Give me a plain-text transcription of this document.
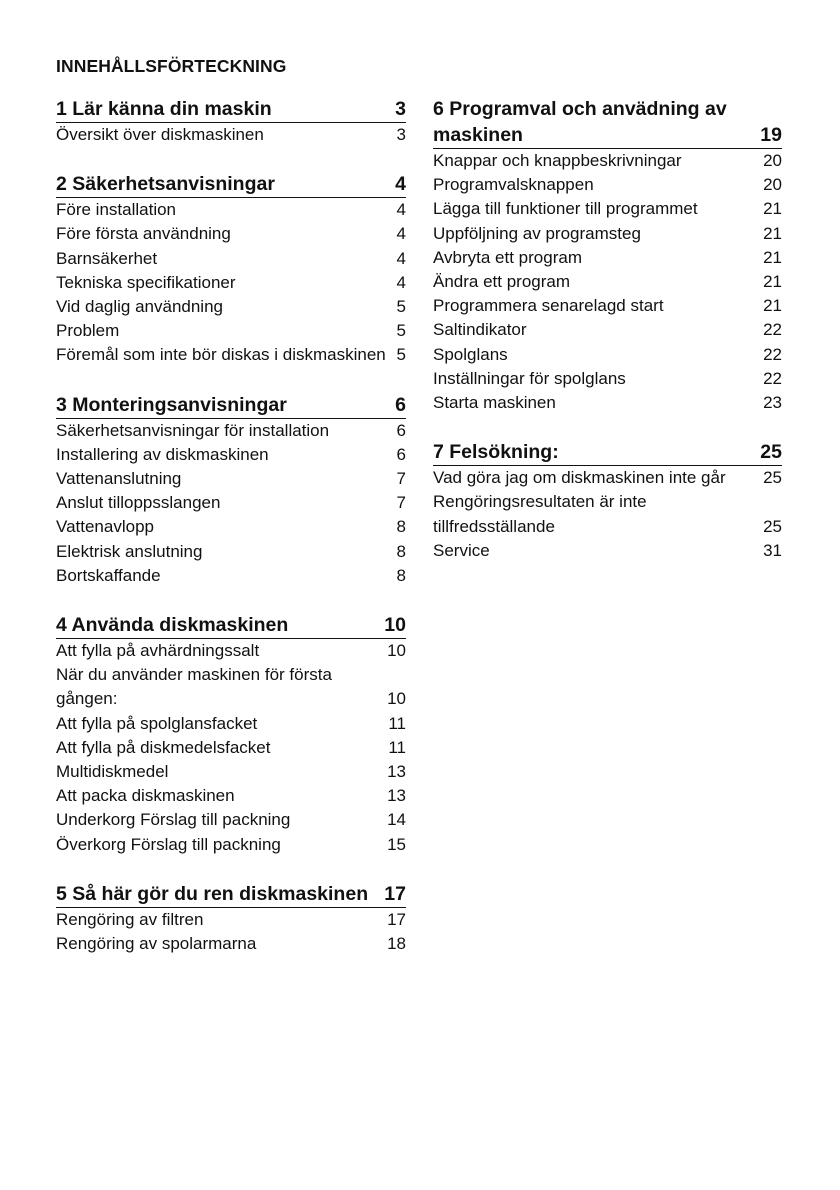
INNEHÅLLSFÖRTECKNING
1 Lär känna din maskin	3
Översikt över diskmaskinen	3
2 Säkerhetsanvisningar	4
Före installation	4
Före första användning	4
Barnsäkerhet	4
Tekniska specifikationer	4
Vid daglig användning	5
Problem	5
Föremål som inte bör diskas i diskmaskinen 5
3 Monteringsanvisningar	6
Säkerhetsanvisningar för installation	6
Installering av diskmaskinen	6
Vattenanslutning	7
Anslut tilloppsslangen	7
Vattenavlopp	8
Elektrisk anslutning	8
Bortskaffande	8
4 Använda diskmaskinen	10
Att fylla på avhärdningssalt	10
När du använder maskinen för första gången:	10
Att fylla på spolglansfacket	11
Att fylla på diskmedelsfacket	11
Multidiskmedel	13
Att packa diskmaskinen	13
Underkorg Förslag till packning	14
Överkorg Förslag till packning	15
5 Så här gör du ren diskmaskinen 17
Rengöring av filtren	17
Rengöring av spolarmarna	18
6 Programval och anvädning av maskinen	19
Knappar och knappbeskrivningar	20
Programvalsknappen	20
Lägga till funktioner till programmet	21
Uppföljning av programsteg	21
Avbryta ett program	21
Ändra ett program	21
Programmera senarelagd start	21
Saltindikator	22
Spolglans	22
Inställningar för spolglans	22
Starta maskinen	23
7 Felsökning:	25
Vad göra jag om diskmaskinen inte går	25
Rengöringsresultaten är inte tillfredsställande	25
Service	31
